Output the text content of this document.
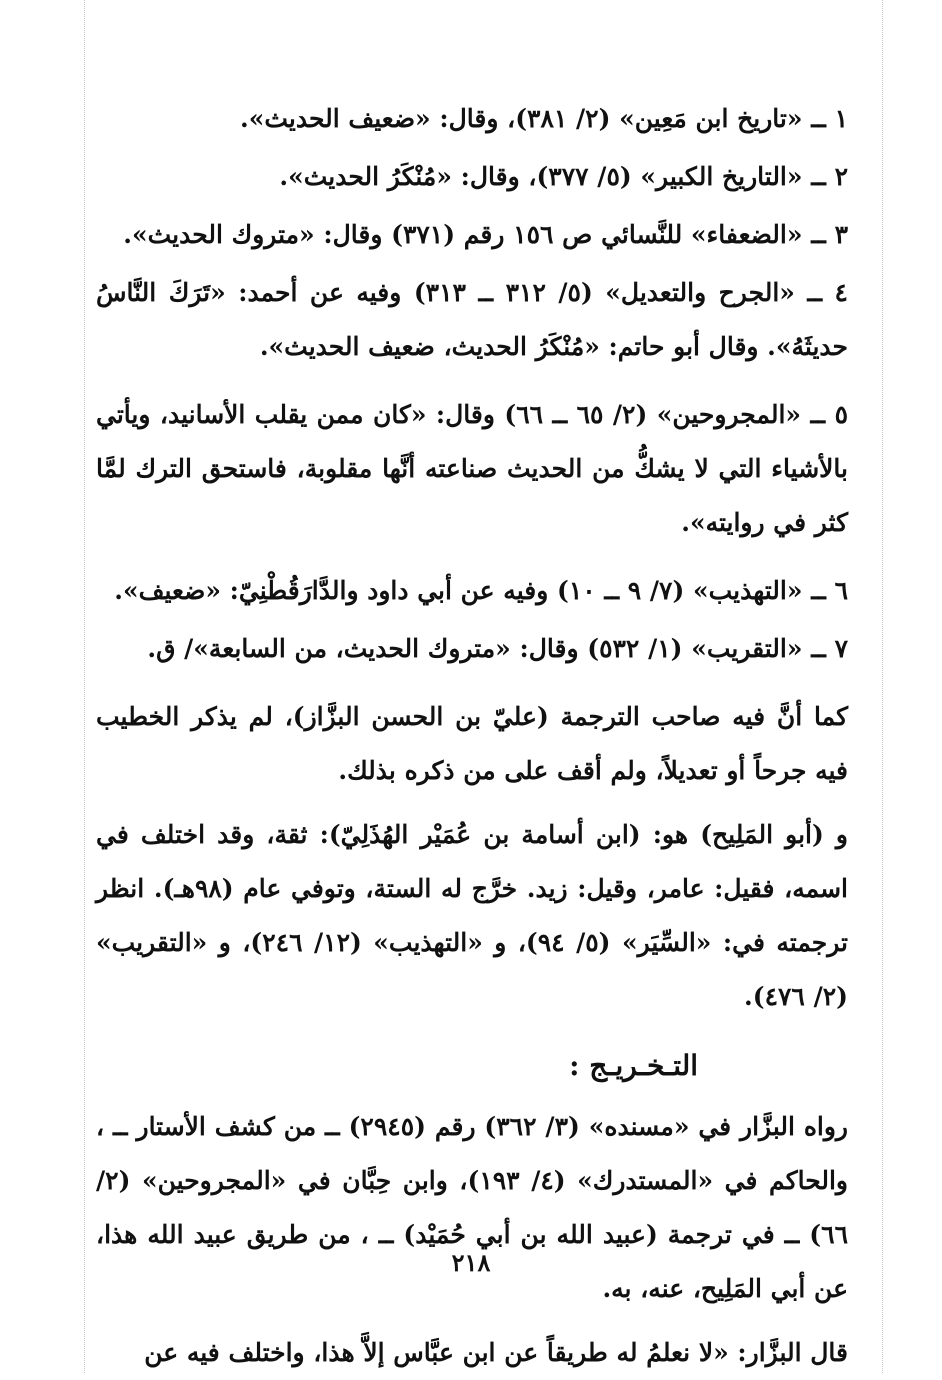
١ ــ «تاريخ ابن مَعِين» (٢/ ٣٨١)، وقال: «ضعيف الحديث».

٢ ــ «التاريخ الكبير» (٥/ ٣٧٧)، وقال: «مُنْكَرُ الحديث».

٣ ــ «الضعفاء» للنَّسائي ص ١٥٦ رقم (٣٧١) وقال: «متروك الحديث».

٤ ــ «الجرح والتعديل» (٥/ ٣١٢ ــ ٣١٣) وفيه عن أحمد: «تَرَكَ النَّاسُ حديثَهُ». وقال أبو حاتم: «مُنْكَرُ الحديث، ضعيف الحديث».

٥ ــ «المجروحين» (٢/ ٦٥ ــ ٦٦) وقال: «كان ممن يقلب الأسانيد، ويأتي بالأشياء التي لا يشكُّ من الحديث صناعته أنَّها مقلوبة، فاستحق الترك لمَّا كثر في روايته».

٦ ــ «التهذيب» (٧/ ٩ ــ ١٠) وفيه عن أبي داود والدَّارَقُطْنِيّ: «ضعيف».

٧ ــ «التقريب» (١/ ٥٣٢) وقال: «متروك الحديث، من السابعة»/ ق.

كما أنَّ فيه صاحب الترجمة (عليّ بن الحسن البزَّاز)، لم يذكر الخطيب فيه جرحاً أو تعديلاً، ولم أقف على من ذكره بذلك.

و (أبو المَلِيح) هو: (ابن أسامة بن عُمَيْر الهُذَلِيّ): ثقة، وقد اختلف في اسمه، فقيل: عامر، وقيل: زيد. خرَّج له الستة، وتوفي عام (٩٨هـ). انظر ترجمته في: «السِّيَر» (٥/ ٩٤)، و «التهذيب» (١٢/ ٢٤٦)، و «التقريب» (٢/ ٤٧٦).

التـخـريـج :

رواه البزَّار في «مسنده» (٣/ ٣٦٢) رقم (٢٩٤٥) ــ من كشف الأستار ــ ، والحاكم في «المستدرك» (٤/ ١٩٣)، وابن حِبَّان في «المجروحين» (٢/ ٦٦) ــ في ترجمة (عبيد الله بن أبي حُمَيْد) ــ ، من طريق عبيد الله هذا، عن أبي المَلِيح، عنه، به.

قال البزَّار: «لا نعلمُ له طريقاً عن ابن عبَّاس إلاَّ هذا، واختلف فيه عن

٢١٨
